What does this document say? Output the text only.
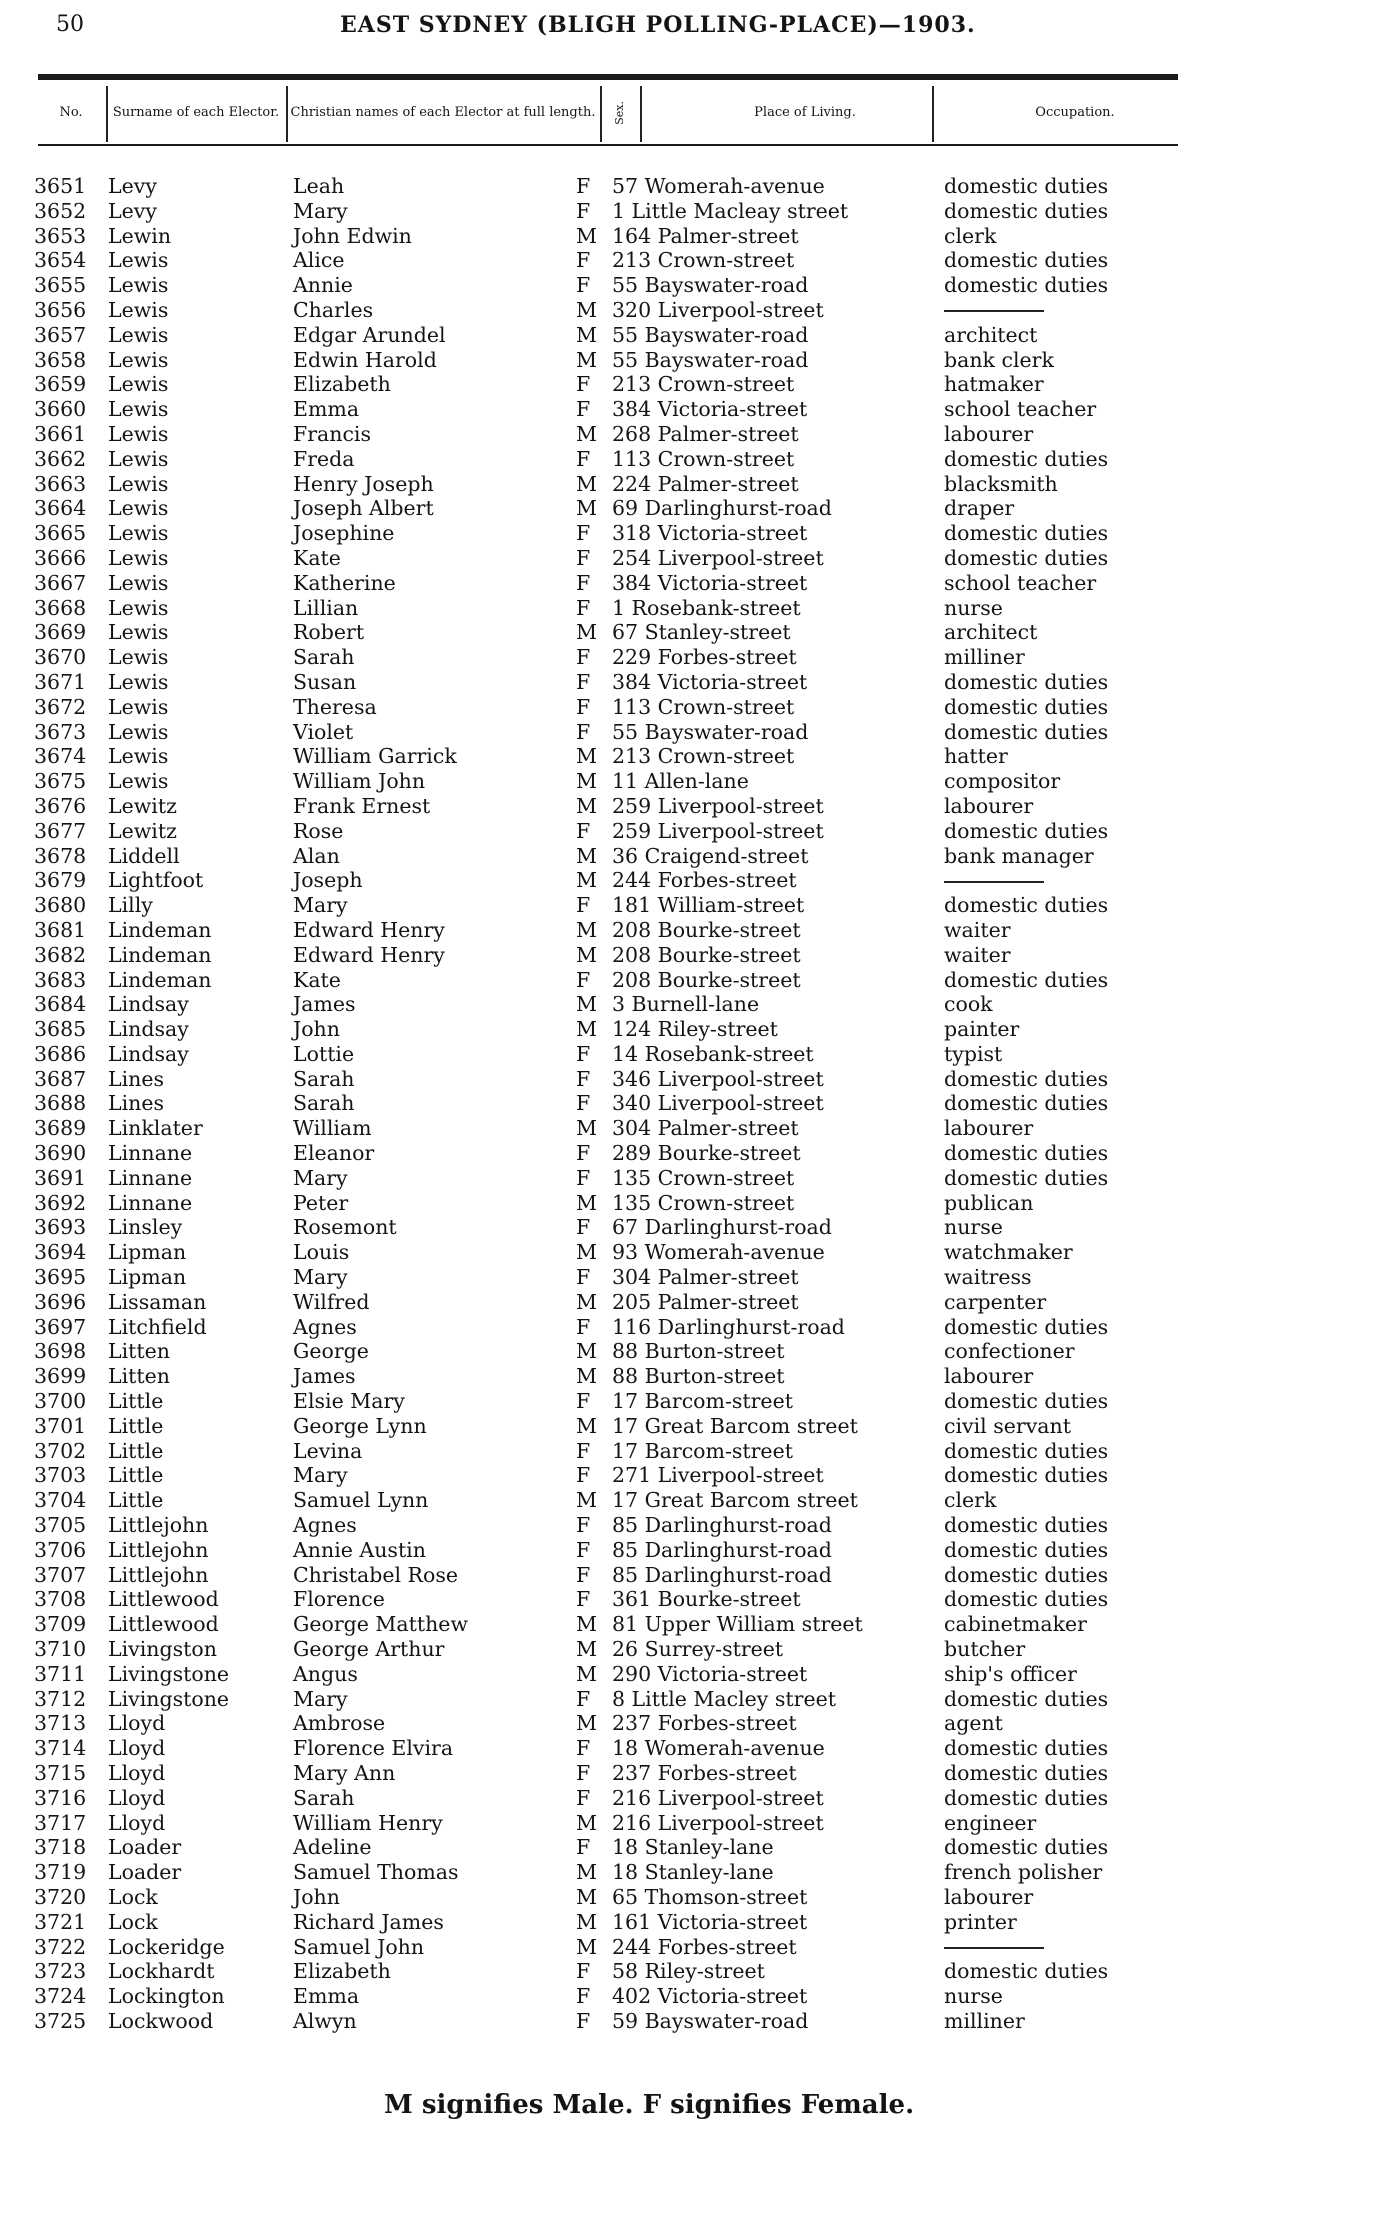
50	EAST SYDNEY (BLIGH POLLING-PLACE)—1903.
No.	Surname of each Elector. Christian names of each Elector at full length. Sex.	Place of Living.	Occupation.
3651 Levy	Leah	F 57 Womerah-avenue	domestic duties
3652 Levy	Mary	F 1 Little Macleay street	domestic duties
3653 Lewin	John Edwin	M 164 Palmer-street	clerk
3654 Lewis	Alice	F 213 Crown-street	domestic duties
3655 Lewis	Annie	F 55 Bayswater-road	domestic duties
3656 Lewis	Charles	M 320 Liverpool-street
3657 Lewis	Edgar Arundel	M 55 Bayswater-road	architect
3658 Lewis	Edwin Harold	M 55 Bayswater-road	bank clerk
3659 Lewis	Elizabeth	F 213 Crown-street	hatmaker
3660 Lewis	Emma	F 384 Victoria-street	school teacher
3661 Lewis	Francis	M 268 Palmer-street	labourer
3662 Lewis	Freda	F 113 Crown-street	domestic duties
3663 Lewis	Henry Joseph	M 224 Palmer-street	blacksmith
3664 Lewis	Joseph Albert	M 69 Darlinghurst-road	draper
3665 Lewis	Josephine	F 318 Victoria-street	domestic duties
3666 Lewis	Kate	F 254 Liverpool-street	domestic duties
3667 Lewis	Katherine	F 384 Victoria-street	school teacher
3668 Lewis	Lillian	F 1 Rosebank-street	nurse
3669 Lewis	Robert	M 67 Stanley-street	architect
3670 Lewis	Sarah	F 229 Forbes-street	milliner
3671 Lewis	Susan	F 384 Victoria-street	domestic duties
3672 Lewis	Theresa	F 113 Crown-street	domestic duties
3673 Lewis	Violet	F 55 Bayswater-road	domestic duties
3674 Lewis	William Garrick	M 213 Crown-street	hatter
3675 Lewis	William John	M 11 Allen-lane	compositor
3676 Lewitz	Frank Ernest	M 259 Liverpool-street	labourer
3677 Lewitz	Rose	F 259 Liverpool-street	domestic duties
3678 Liddell	Alan	M 36 Craigend-street	bank manager
3679 Lightfoot	Joseph	M 244 Forbes-street
3680 Lilly	Mary	F 181 William-street	domestic duties
3681 Lindeman	Edward Henry	M 208 Bourke-street	waiter
3682 Lindeman	Edward Henry	M 208 Bourke-street	waiter
3683 Lindeman	Kate	F 208 Bourke-street	domestic duties
3684 Lindsay	James	M 3 Burnell-lane	cook
3685 Lindsay	John	M 124 Riley-street	painter
3686 Lindsay	Lottie	F 14 Rosebank-street	typist
3687 Lines	Sarah	F 346 Liverpool-street	domestic duties
3688 Lines	Sarah	F 340 Liverpool-street	domestic duties
3689 Linklater	William	M 304 Palmer-street	labourer
3690 Linnane	Eleanor	F 289 Bourke-street	domestic duties
3691 Linnane	Mary	F 135 Crown-street	domestic duties
3692 Linnane	Peter	M 135 Crown-street	publican
3693 Linsley	Rosemont	F 67 Darlinghurst-road	nurse
3694 Lipman	Louis	M 93 Womerah-avenue	watchmaker
3695 Lipman	Mary	F 304 Palmer-street	waitress
3696 Lissaman	Wilfred	M 205 Palmer-street	carpenter
3697 Litchfield	Agnes	F 116 Darlinghurst-road	domestic duties
3698 Litten	George	M 88 Burton-street	confectioner
3699 Litten	James	M 88 Burton-street	labourer
3700 Little	Elsie Mary	F 17 Barcom-street	domestic duties
3701 Little	George Lynn	M 17 Great Barcom street	civil servant
3702 Little	Levina	F 17 Barcom-street	domestic duties
3703 Little	Mary	F 271 Liverpool-street	domestic duties
3704 Little	Samuel Lynn	M 17 Great Barcom street	clerk
3705 Littlejohn	Agnes	F 85 Darlinghurst-road	domestic duties
3706 Littlejohn	Annie Austin	F 85 Darlinghurst-road	domestic duties
3707 Littlejohn	Christabel Rose	F 85 Darlinghurst-road	domestic duties
3708 Littlewood	Florence	F 361 Bourke-street	domestic duties
3709 Littlewood	George Matthew	M 81 Upper William street	cabinetmaker
3710 Livingston	George Arthur	M 26 Surrey-street	butcher
3711 Livingstone	Angus	M 290 Victoria-street	ship's officer
3712 Livingstone	Mary	F 8 Little Macley street	domestic duties
3713 Lloyd	Ambrose	M 237 Forbes-street	agent
3714 Lloyd	Florence Elvira	F 18 Womerah-avenue	domestic duties
3715 Lloyd	Mary Ann	F 237 Forbes-street	domestic duties
3716 Lloyd	Sarah	F 216 Liverpool-street	domestic duties
3717 Lloyd	William Henry	M 216 Liverpool-street	engineer
3718 Loader	Adeline	F 18 Stanley-lane	domestic duties
3719 Loader	Samuel Thomas	M 18 Stanley-lane	french polisher
3720 Lock	John	M 65 Thomson-street	labourer
3721 Lock	Richard James	M 161 Victoria-street	printer
3722 Lockeridge	Samuel John	M 244 Forbes-street
3723 Lockhardt	Elizabeth	F 58 Riley-street	domestic duties
3724 Lockington	Emma	F 402 Victoria-street	nurse
3725 Lockwood	Alwyn	F 59 Bayswater-road	milliner
M signifies Male. F signifies Female.
